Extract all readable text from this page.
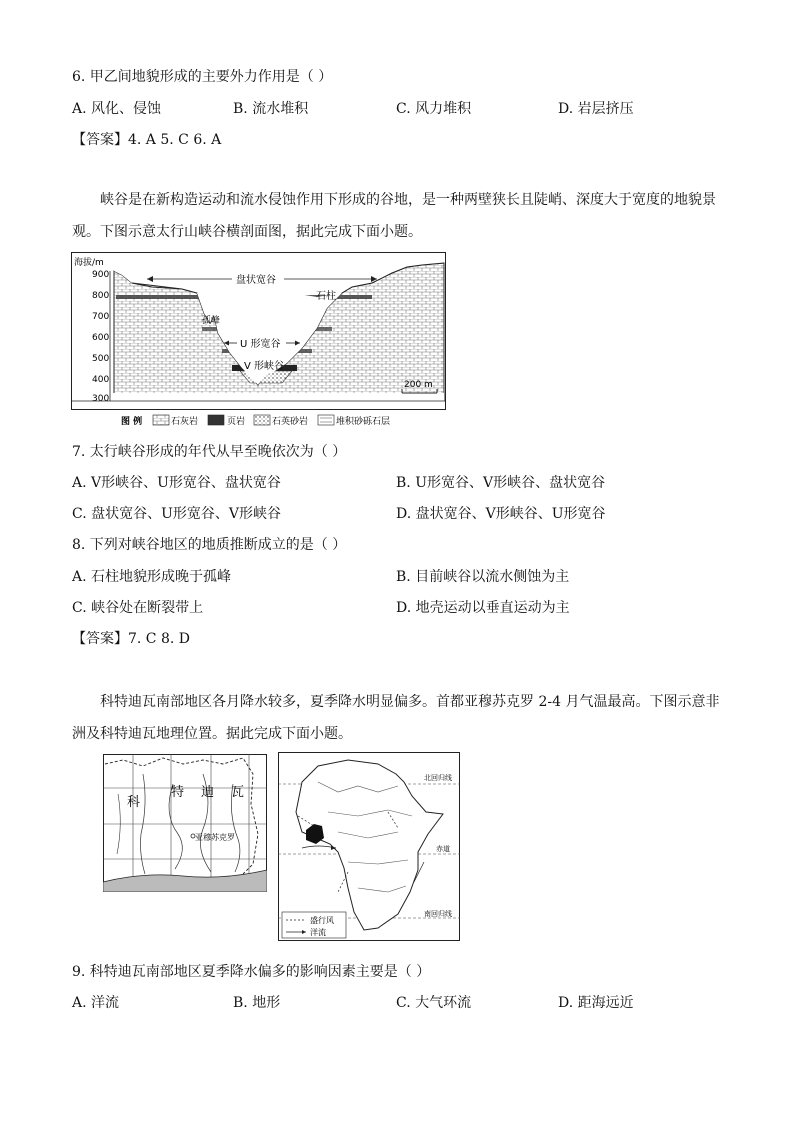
6. 甲乙间地貌形成的主要外力作用是（ ）
A. 风化、侵蚀	B. 流水堆积	C. 风力堆积	D. 岩层挤压
【答案】4. A 5. C 6. A
峡谷是在新构造运动和流水侵蚀作用下形成的谷地，是一种两壁狭长且陡峭、深度大于宽度的地貌景观。下图示意太行山峡谷横剖面图，据此完成下面小题。
海拔/m
900
800
700
600
500
400
300
盘状宽谷
石柱
孤峰
U 形宽谷
V 形峡谷
200 m
图 例	石灰岩	页岩	石英砂岩	堆积砂砾石层
7. 太行峡谷形成的年代从早至晚依次为（ ）
A. V形峡谷、U形宽谷、盘状宽谷	B. U形宽谷、V形峡谷、盘状宽谷
C. 盘状宽谷、U形宽谷、V形峡谷	D. 盘状宽谷、V形峡谷、U形宽谷
8. 下列对峡谷地区的地质推断成立的是（ ）
A. 石柱地貌形成晚于孤峰	B. 目前峡谷以流水侧蚀为主
C. 峡谷处在断裂带上	D. 地壳运动以垂直运动为主
【答案】7. C 8. D
科特迪瓦南部地区各月降水较多，夏季降水明显偏多。首都亚穆苏克罗 2-4 月气温最高。下图示意非洲及科特迪瓦地理位置。据此完成下面小题。
科
特 迪 瓦
亚穆苏克罗
北回归线
赤道
南回归线
盛行风
洋流
9. 科特迪瓦南部地区夏季降水偏多的影响因素主要是（ ）
A. 洋流	B. 地形	C. 大气环流	D. 距海远近
